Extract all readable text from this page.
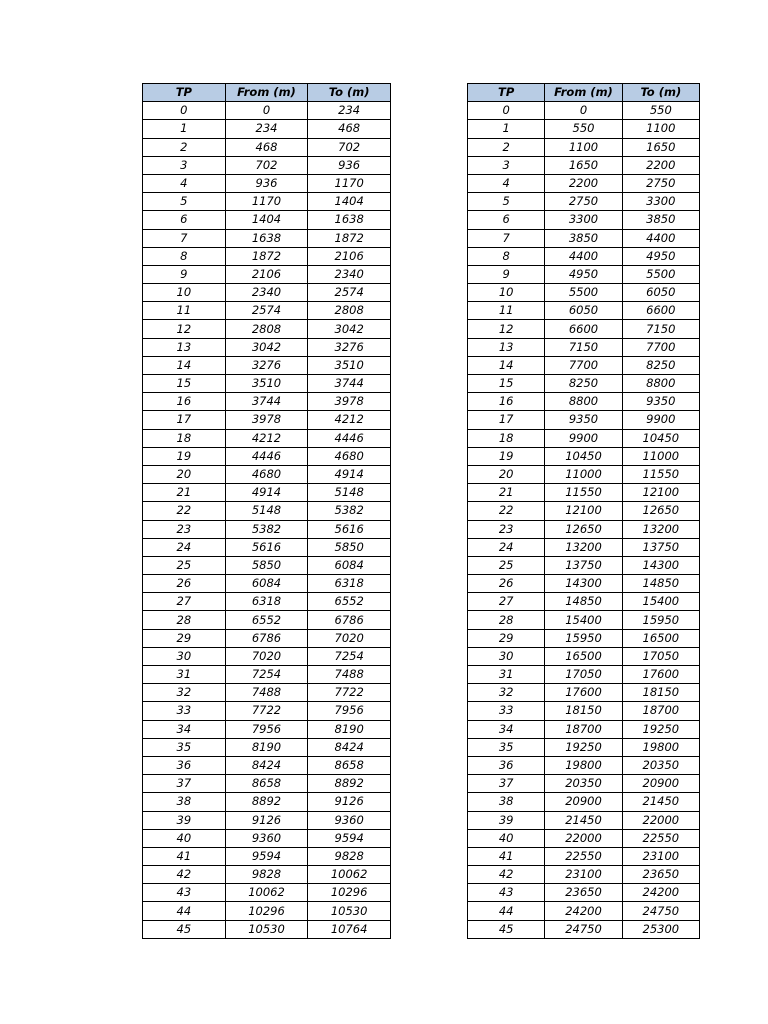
TP	From (m)	To (m)
0	0	234
1	234	468
2	468	702
3	702	936
4	936	1170
5	1170	1404
6	1404	1638
7	1638	1872
8	1872	2106
9	2106	2340
10	2340	2574
11	2574	2808
12	2808	3042
13	3042	3276
14	3276	3510
15	3510	3744
16	3744	3978
17	3978	4212
18	4212	4446
19	4446	4680
20	4680	4914
21	4914	5148
22	5148	5382
23	5382	5616
24	5616	5850
25	5850	6084
26	6084	6318
27	6318	6552
28	6552	6786
29	6786	7020
30	7020	7254
31	7254	7488
32	7488	7722
33	7722	7956
34	7956	8190
35	8190	8424
36	8424	8658
37	8658	8892
38	8892	9126
39	9126	9360
40	9360	9594
41	9594	9828
42	9828	10062
43	10062	10296
44	10296	10530
45	10530	10764
TP	From (m)	To (m)
0	0	550
1	550	1100
2	1100	1650
3	1650	2200
4	2200	2750
5	2750	3300
6	3300	3850
7	3850	4400
8	4400	4950
9	4950	5500
10	5500	6050
11	6050	6600
12	6600	7150
13	7150	7700
14	7700	8250
15	8250	8800
16	8800	9350
17	9350	9900
18	9900	10450
19	10450	11000
20	11000	11550
21	11550	12100
22	12100	12650
23	12650	13200
24	13200	13750
25	13750	14300
26	14300	14850
27	14850	15400
28	15400	15950
29	15950	16500
30	16500	17050
31	17050	17600
32	17600	18150
33	18150	18700
34	18700	19250
35	19250	19800
36	19800	20350
37	20350	20900
38	20900	21450
39	21450	22000
40	22000	22550
41	22550	23100
42	23100	23650
43	23650	24200
44	24200	24750
45	24750	25300
